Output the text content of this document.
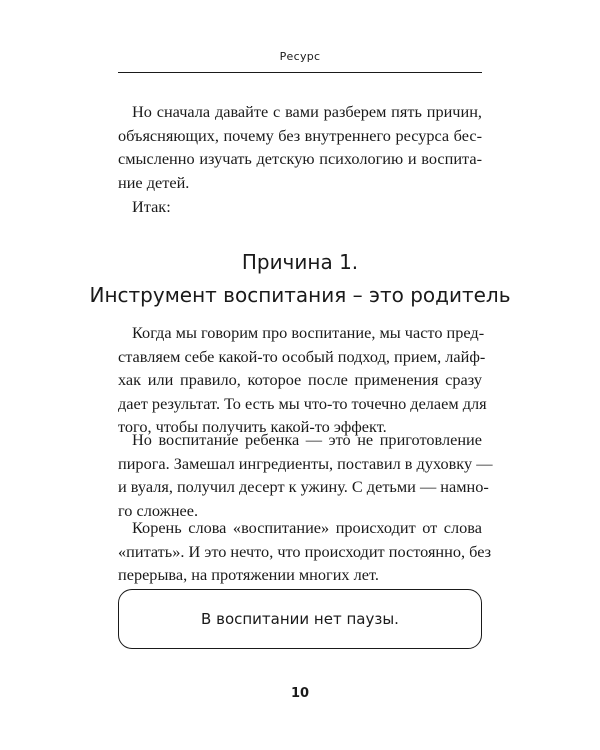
Ресурс

Но сначала давайте с вами разберем пять причин,
объясняющих, почему без внутреннего ресурса бес-
смысленно изучать детскую психологию и воспита-
ние детей.

Итак:

Причина 1.
Инструмент воспитания – это родитель

Когда мы говорим про воспитание, мы часто пред-
ставляем себе какой-то особый подход, прием, лайф-
хак или правило, которое после применения сразу
дает результат. То есть мы что-то точечно делаем для
того, чтобы получить какой-то эффект.

Но воспитание ребенка — это не приготовление
пирога. Замешал ингредиенты, поставил в духовку —
и вуаля, получил десерт к ужину. С детьми — намно-
го сложнее.

Корень слова «воспитание» происходит от слова
«питать». И это нечто, что происходит постоянно, без
перерыва, на протяжении многих лет.

В воспитании нет паузы.
10
